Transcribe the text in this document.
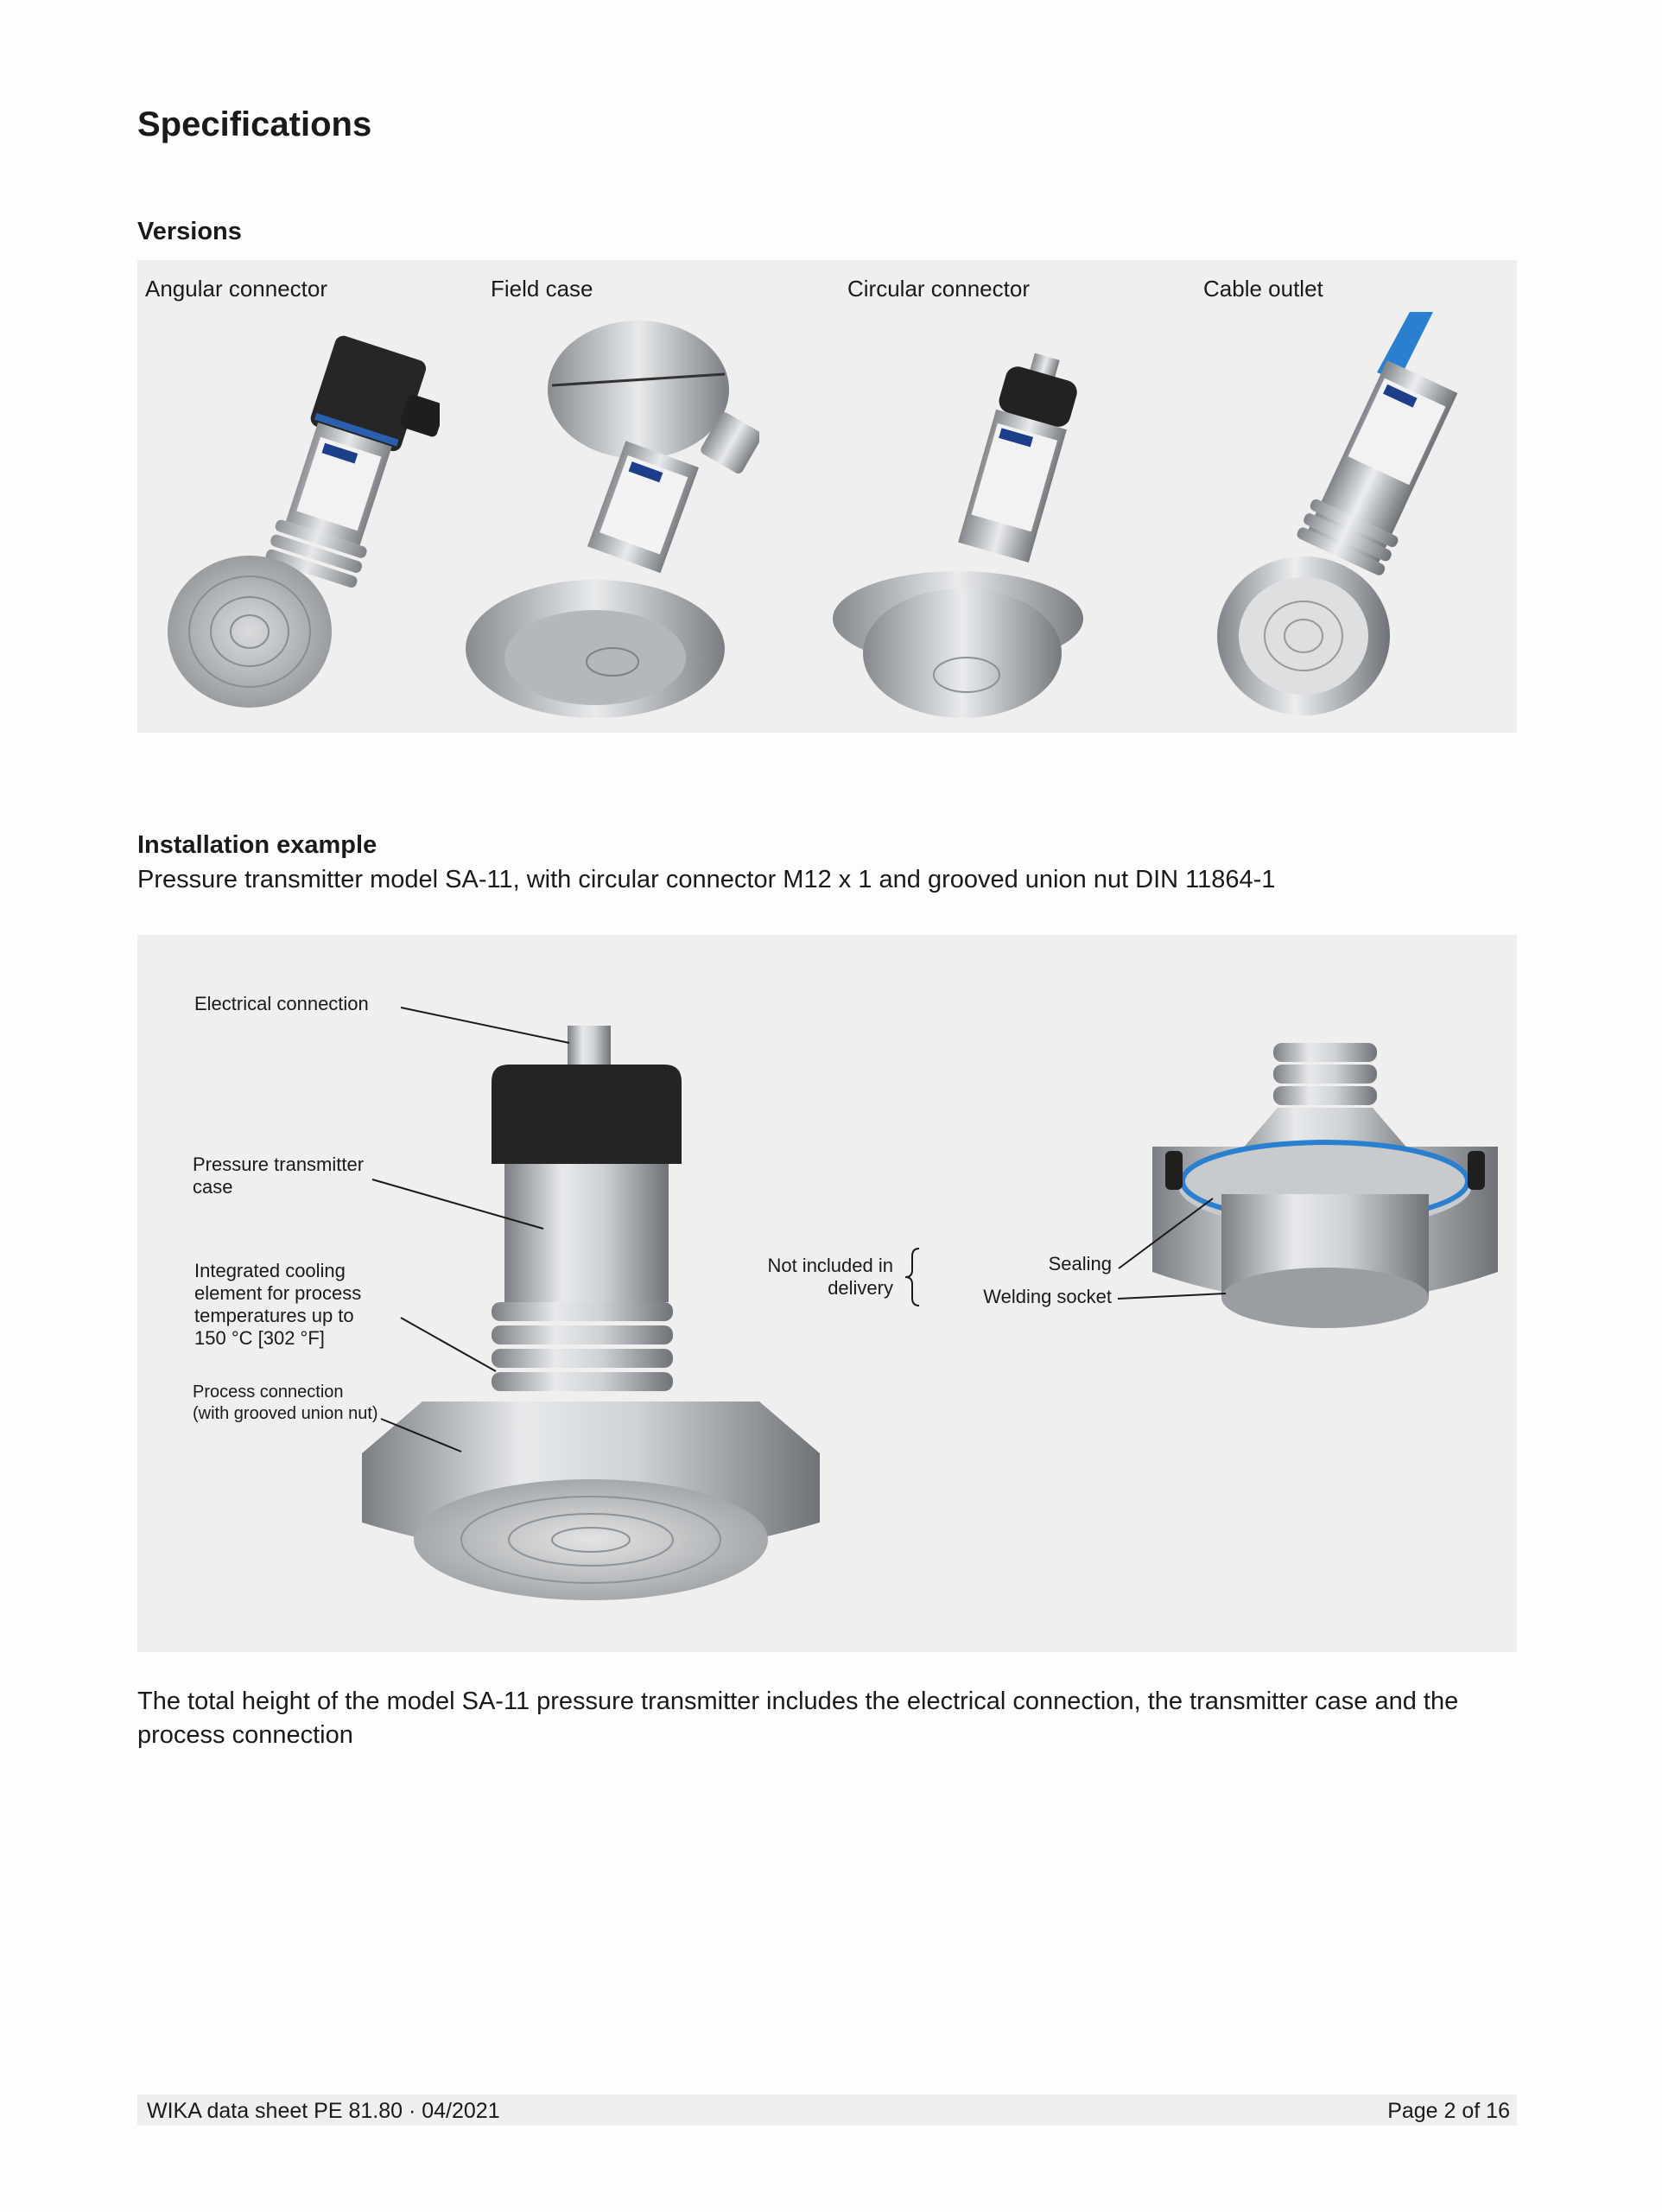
Specifications
Versions
Angular connector	Field case	Circular connector	Cable outlet
Installation example

Pressure transmitter model SA-11, with circular connector M12 x 1 and grooved union nut DIN 11864-1

Electrical connection
Pressure transmitter
case
Integrated cooling
element for process
temperatures up to
150 °C [302 °F]
Process connection
(with grooved union nut)
Not included in
delivery
Sealing
Welding socket
The total height of the model SA-11 pressure transmitter includes the electrical connection, the transmitter case and the
process connection
WIKA data sheet PE 81.80 · 04/2021	Page 2 of 16
